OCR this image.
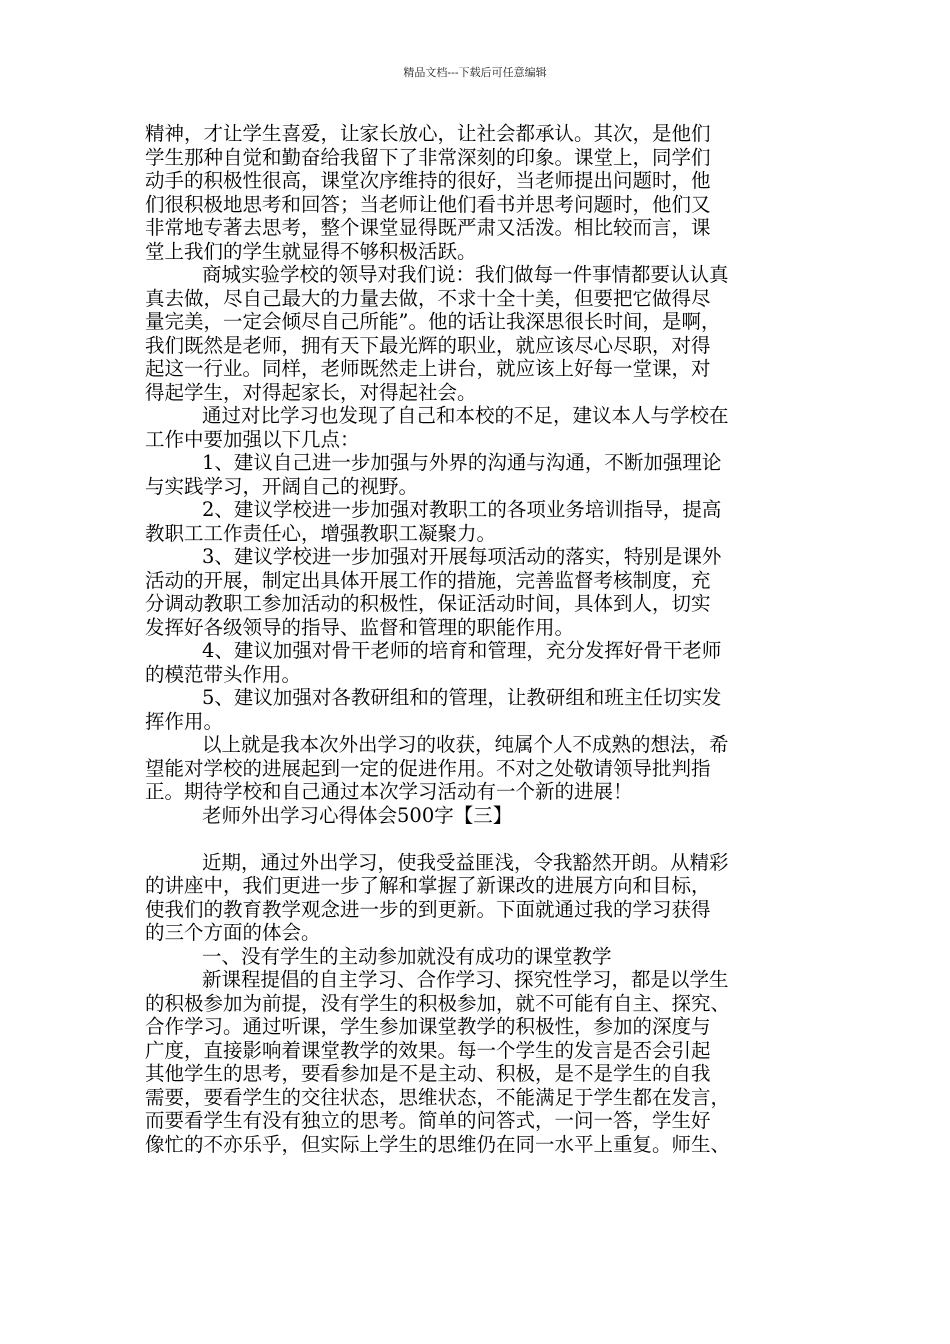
精品文档---下载后可任意编辑
精神，才让学生喜爱，让家长放心，让社会都承认。其次，是他们
学生那种自觉和勤奋给我留下了非常深刻的印象。课堂上，同学们
动手的积极性很高，课堂次序维持的很好，当老师提出问题时，他
们很积极地思考和回答；当老师让他们看书并思考问题时，他们又
非常地专著去思考，整个课堂显得既严肃又活泼。相比较而言，课
堂上我们的学生就显得不够积极活跃。
商城实验学校的领导对我们说：我们做每一件事情都要认认真
真去做，尽自己最大的力量去做，不求十全十美，但要把它做得尽
量完美，一定会倾尽自己所能”。他的话让我深思很长时间，是啊，
我们既然是老师，拥有天下最光辉的职业，就应该尽心尽职，对得
起这一行业。同样，老师既然走上讲台，就应该上好每一堂课，对
得起学生，对得起家长，对得起社会。
通过对比学习也发现了自己和本校的不足，建议本人与学校在
工作中要加强以下几点：
1、建议自己进一步加强与外界的沟通与沟通，不断加强理论
与实践学习，开阔自己的视野。
2、建议学校进一步加强对教职工的各项业务培训指导，提高
教职工工作责任心，增强教职工凝聚力。
3、建议学校进一步加强对开展每项活动的落实，特别是课外
活动的开展，制定出具体开展工作的措施，完善监督考核制度，充
分调动教职工参加活动的积极性，保证活动时间，具体到人，切实
发挥好各级领导的指导、监督和管理的职能作用。
4、建议加强对骨干老师的培育和管理，充分发挥好骨干老师
的模范带头作用。
5、建议加强对各教研组和的管理，让教研组和班主任切实发
挥作用。
以上就是我本次外出学习的收获，纯属个人不成熟的想法，希
望能对学校的进展起到一定的促进作用。不对之处敬请领导批判指
正。期待学校和自己通过本次学习活动有一个新的进展！
老师外出学习心得体会500字【三】
近期，通过外出学习，使我受益匪浅，令我豁然开朗。从精彩
的讲座中，我们更进一步了解和掌握了新课改的进展方向和目标，
使我们的教育教学观念进一步的到更新。下面就通过我的学习获得
的三个方面的体会。
一、没有学生的主动参加就没有成功的课堂教学
新课程提倡的自主学习、合作学习、探究性学习，都是以学生
的积极参加为前提，没有学生的积极参加，就不可能有自主、探究、
合作学习。通过听课，学生参加课堂教学的积极性，参加的深度与
广度，直接影响着课堂教学的效果。每一个学生的发言是否会引起
其他学生的思考，要看参加是不是主动、积极，是不是学生的自我
需要，要看学生的交往状态，思维状态，不能满足于学生都在发言，
而要看学生有没有独立的思考。简单的问答式，一问一答，学生好
像忙的不亦乐乎，但实际上学生的思维仍在同一水平上重复。师生、
